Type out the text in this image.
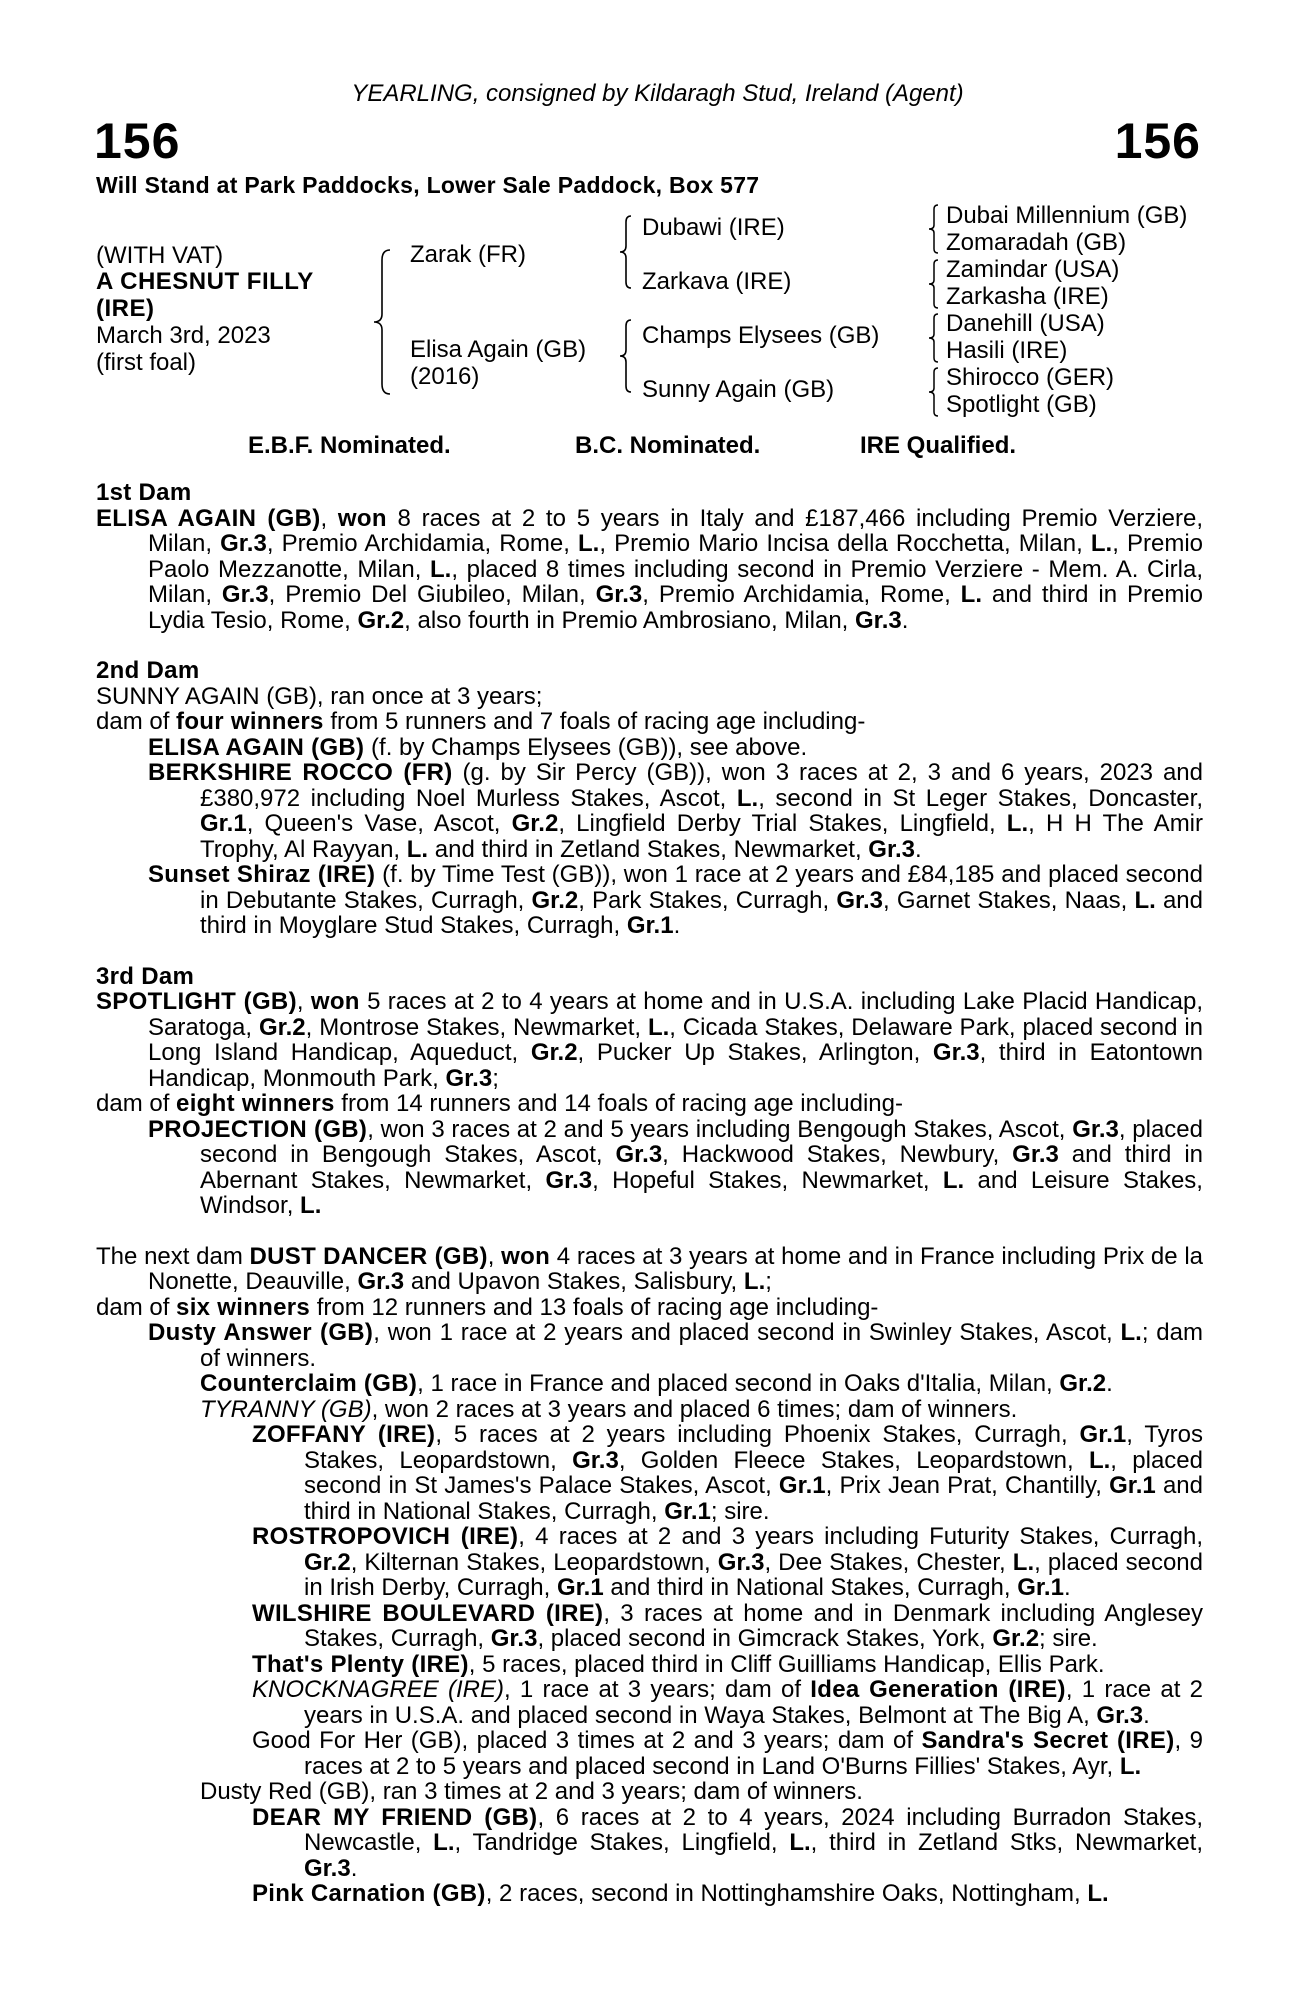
YEARLING, consigned by Kildaragh Stud, Ireland (Agent)
156	156
Will Stand at Park Paddocks, Lower Sale Paddock, Box 577
(WITH VAT)
A CHESNUT FILLY
(IRE)
March 3rd, 2023
(first foal)
Zarak (FR)
Elisa Again (GB)
(2016)
Dubawi (IRE)
Zarkava (IRE)
Champs Elysees (GB)
Sunny Again (GB)
Dubai Millennium (GB)
Zomaradah (GB)
Zamindar (USA)
Zarkasha (IRE)
Danehill (USA)
Hasili (IRE)
Shirocco (GER)
Spotlight (GB)
E.B.F. Nominated.	B.C. Nominated.	IRE Qualified.
1st Dam
ELISA AGAIN (GB), won 8 races at 2 to 5 years in Italy and £187,466 including Premio Verziere, Milan, Gr.3, Premio Archidamia, Rome, L., Premio Mario Incisa della Rocchetta, Milan, L., Premio Paolo Mezzanotte, Milan, L., placed 8 times including second in Premio Verziere - Mem. A. Cirla, Milan, Gr.3, Premio Del Giubileo, Milan, Gr.3, Premio Archidamia, Rome, L. and third in Premio Lydia Tesio, Rome, Gr.2, also fourth in Premio Ambrosiano, Milan, Gr.3.
2nd Dam
SUNNY AGAIN (GB), ran once at 3 years;
dam of four winners from 5 runners and 7 foals of racing age including-
ELISA AGAIN (GB) (f. by Champs Elysees (GB)), see above.
BERKSHIRE ROCCO (FR) (g. by Sir Percy (GB)), won 3 races at 2, 3 and 6 years, 2023 and £380,972 including Noel Murless Stakes, Ascot, L., second in St Leger Stakes, Doncaster, Gr.1, Queen's Vase, Ascot, Gr.2, Lingfield Derby Trial Stakes, Lingfield, L., H H The Amir Trophy, Al Rayyan, L. and third in Zetland Stakes, Newmarket, Gr.3.
Sunset Shiraz (IRE) (f. by Time Test (GB)), won 1 race at 2 years and £84,185 and placed second in Debutante Stakes, Curragh, Gr.2, Park Stakes, Curragh, Gr.3, Garnet Stakes, Naas, L. and third in Moyglare Stud Stakes, Curragh, Gr.1.
3rd Dam
SPOTLIGHT (GB), won 5 races at 2 to 4 years at home and in U.S.A. including Lake Placid Handicap, Saratoga, Gr.2, Montrose Stakes, Newmarket, L., Cicada Stakes, Delaware Park, placed second in Long Island Handicap, Aqueduct, Gr.2, Pucker Up Stakes, Arlington, Gr.3, third in Eatontown Handicap, Monmouth Park, Gr.3;
dam of eight winners from 14 runners and 14 foals of racing age including-
PROJECTION (GB), won 3 races at 2 and 5 years including Bengough Stakes, Ascot, Gr.3, placed second in Bengough Stakes, Ascot, Gr.3, Hackwood Stakes, Newbury, Gr.3 and third in Abernant Stakes, Newmarket, Gr.3, Hopeful Stakes, Newmarket, L. and Leisure Stakes, Windsor, L.
The next dam DUST DANCER (GB), won 4 races at 3 years at home and in France including Prix de la Nonette, Deauville, Gr.3 and Upavon Stakes, Salisbury, L.;
dam of six winners from 12 runners and 13 foals of racing age including-
Dusty Answer (GB), won 1 race at 2 years and placed second in Swinley Stakes, Ascot, L.; dam of winners.
Counterclaim (GB), 1 race in France and placed second in Oaks d'Italia, Milan, Gr.2.
TYRANNY (GB), won 2 races at 3 years and placed 6 times; dam of winners.
ZOFFANY (IRE), 5 races at 2 years including Phoenix Stakes, Curragh, Gr.1, Tyros Stakes, Leopardstown, Gr.3, Golden Fleece Stakes, Leopardstown, L., placed second in St James's Palace Stakes, Ascot, Gr.1, Prix Jean Prat, Chantilly, Gr.1 and third in National Stakes, Curragh, Gr.1; sire.
ROSTROPOVICH (IRE), 4 races at 2 and 3 years including Futurity Stakes, Curragh, Gr.2, Kilternan Stakes, Leopardstown, Gr.3, Dee Stakes, Chester, L., placed second in Irish Derby, Curragh, Gr.1 and third in National Stakes, Curragh, Gr.1.
WILSHIRE BOULEVARD (IRE), 3 races at home and in Denmark including Anglesey Stakes, Curragh, Gr.3, placed second in Gimcrack Stakes, York, Gr.2; sire.
That's Plenty (IRE), 5 races, placed third in Cliff Guilliams Handicap, Ellis Park.
KNOCKNAGREE (IRE), 1 race at 3 years; dam of Idea Generation (IRE), 1 race at 2 years in U.S.A. and placed second in Waya Stakes, Belmont at The Big A, Gr.3.
Good For Her (GB), placed 3 times at 2 and 3 years; dam of Sandra's Secret (IRE), 9 races at 2 to 5 years and placed second in Land O'Burns Fillies' Stakes, Ayr, L.
Dusty Red (GB), ran 3 times at 2 and 3 years; dam of winners.
DEAR MY FRIEND (GB), 6 races at 2 to 4 years, 2024 including Burradon Stakes, Newcastle, L., Tandridge Stakes, Lingfield, L., third in Zetland Stks, Newmarket, Gr.3.
Pink Carnation (GB), 2 races, second in Nottinghamshire Oaks, Nottingham, L.
